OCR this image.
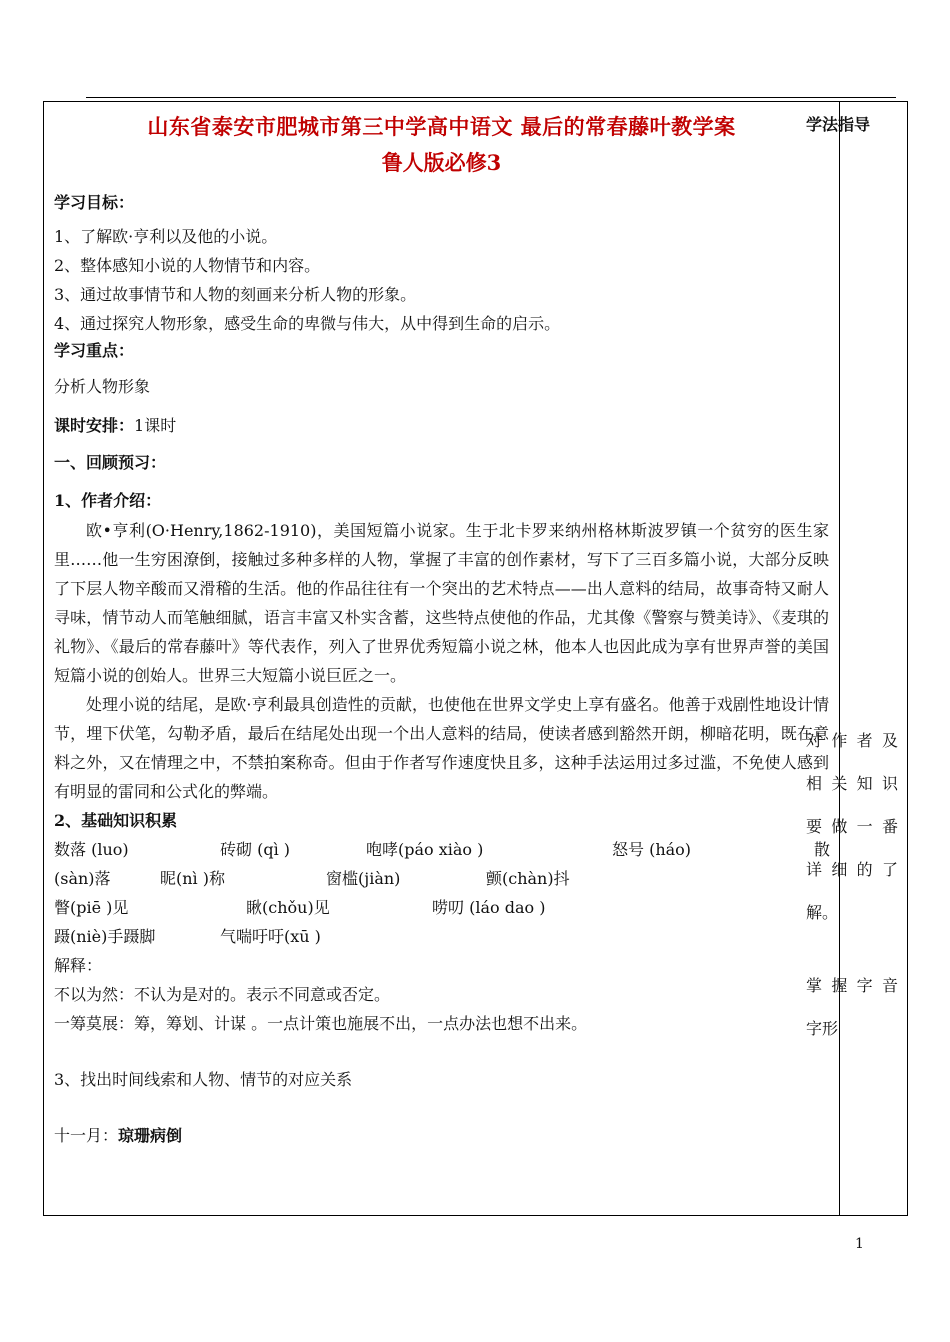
山东省泰安市肥城市第三中学高中语文 最后的常春藤叶教学案
鲁人版必修3
学习目标：
1、了解欧·亨利以及他的小说。
2、整体感知小说的人物情节和内容。
3、通过故事情节和人物的刻画来分析人物的形象。
4、通过探究人物形象，感受生命的卑微与伟大，从中得到生命的启示。
学习重点：
分析人物形象
课时安排：1课时
一、回顾预习：
1、作者介绍：
欧•亨利(O·Henry,1862-1910)，美国短篇小说家。生于北卡罗来纳州格林斯波罗镇一个贫穷的医生家里……他一生穷困潦倒，接触过多种多样的人物，掌握了丰富的创作素材，写下了三百多篇小说，大部分反映了下层人物辛酸而又滑稽的生活。他的作品往往有一个突出的艺术特点——出人意料的结局，故事奇特又耐人寻味，情节动人而笔触细腻，语言丰富又朴实含蓄，这些特点使他的作品，尤其像《警察与赞美诗》、《麦琪的礼物》、《最后的常春藤叶》等代表作，列入了世界优秀短篇小说之林，他本人也因此成为享有世界声誉的美国短篇小说的创始人。世界三大短篇小说巨匠之一。
处理小说的结尾，是欧·亨利最具创造性的贡献，也使他在世界文学史上享有盛名。他善于戏剧性地设计情节，埋下伏笔，勾勒矛盾，最后在结尾处出现一个出人意料的结局，使读者感到豁然开朗，柳暗花明，既在意料之外，又在情理之中，不禁拍案称奇。但由于作者写作速度快且多，这种手法运用过多过滥，不免使人感到有明显的雷同和公式化的弊端。
2、基础知识积累
数落 (luo)	砖砌 (qì )	咆哮(páo xiào )	怒号 (háo)	散
(sàn)落	昵(nì )称	窗槛(jiàn)	颤(chàn)抖
瞥(piē )见	瞅(chǒu)见	唠叨 (láo dao )
蹑(niè)手蹑脚	气喘吁吁(xū )
解释：
不以为然：不认为是对的。表示不同意或否定。
一筹莫展：筹，筹划、计谋 。一点计策也施展不出，一点办法也想不出来。
3、找出时间线索和人物、情节的对应关系
十一月：琼珊病倒
学法指导
对作者及
相关知识
要做一番
详细的了
解。
掌握字音
字形
1
